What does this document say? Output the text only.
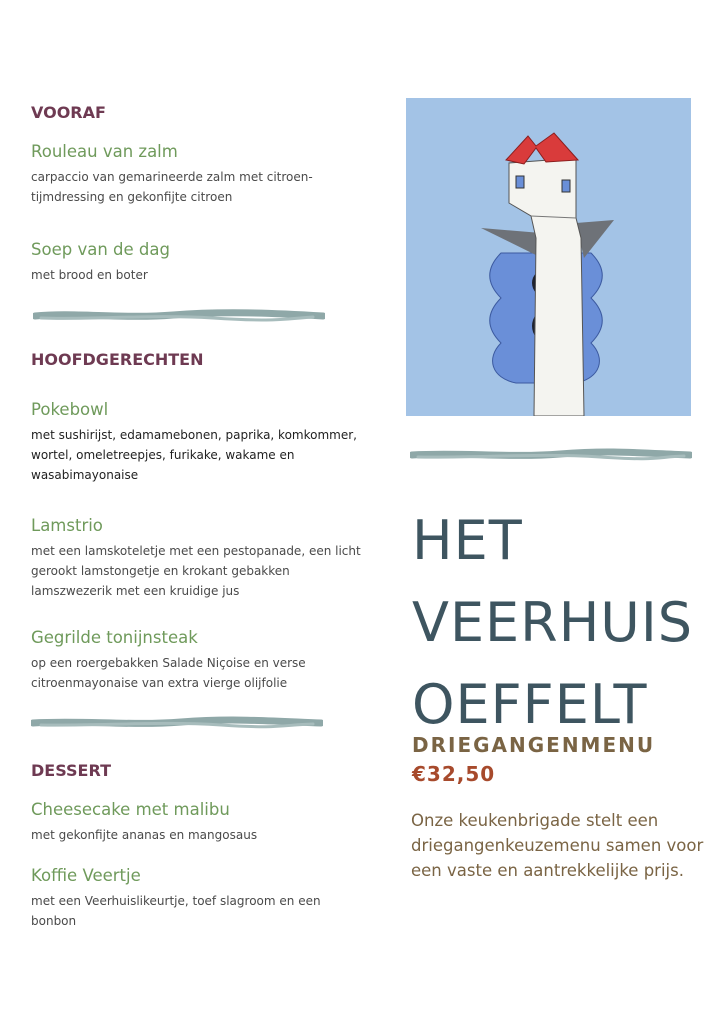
VOORAF

Rouleau van zalm

carpaccio van gemarineerde zalm met citroen-tijmdressing en gekonfijte citroen

Soep van de dag

met brood en boter

HOOFDGERECHTEN

Pokebowl

met sushirijst, edamamebonen, paprika, komkommer, wortel, omeletreepjes, furikake, wakame en wasabimayonaise

Lamstrio

met een lamskoteletje met een pestopanade, een licht gerookt lamstongetje en krokant gebakken lamszwezerik met een kruidige jus

Gegrilde tonijnsteak

op een roergebakken Salade Niçoise en verse citroenmayonaise van extra vierge olijfolie

DESSERT

Cheesecake met malibu

met gekonfijte ananas en mangosaus

Koffie Veertje

met een Veerhuislikeurtje, toef slagroom en een bonbon

HET
VEERHUIS
OEFFELT
DRIEGANGENMENU
€32,50

Onze keukenbrigade stelt een driegangenkeuzemenu samen voor een vaste en aantrekkelijke prijs.
